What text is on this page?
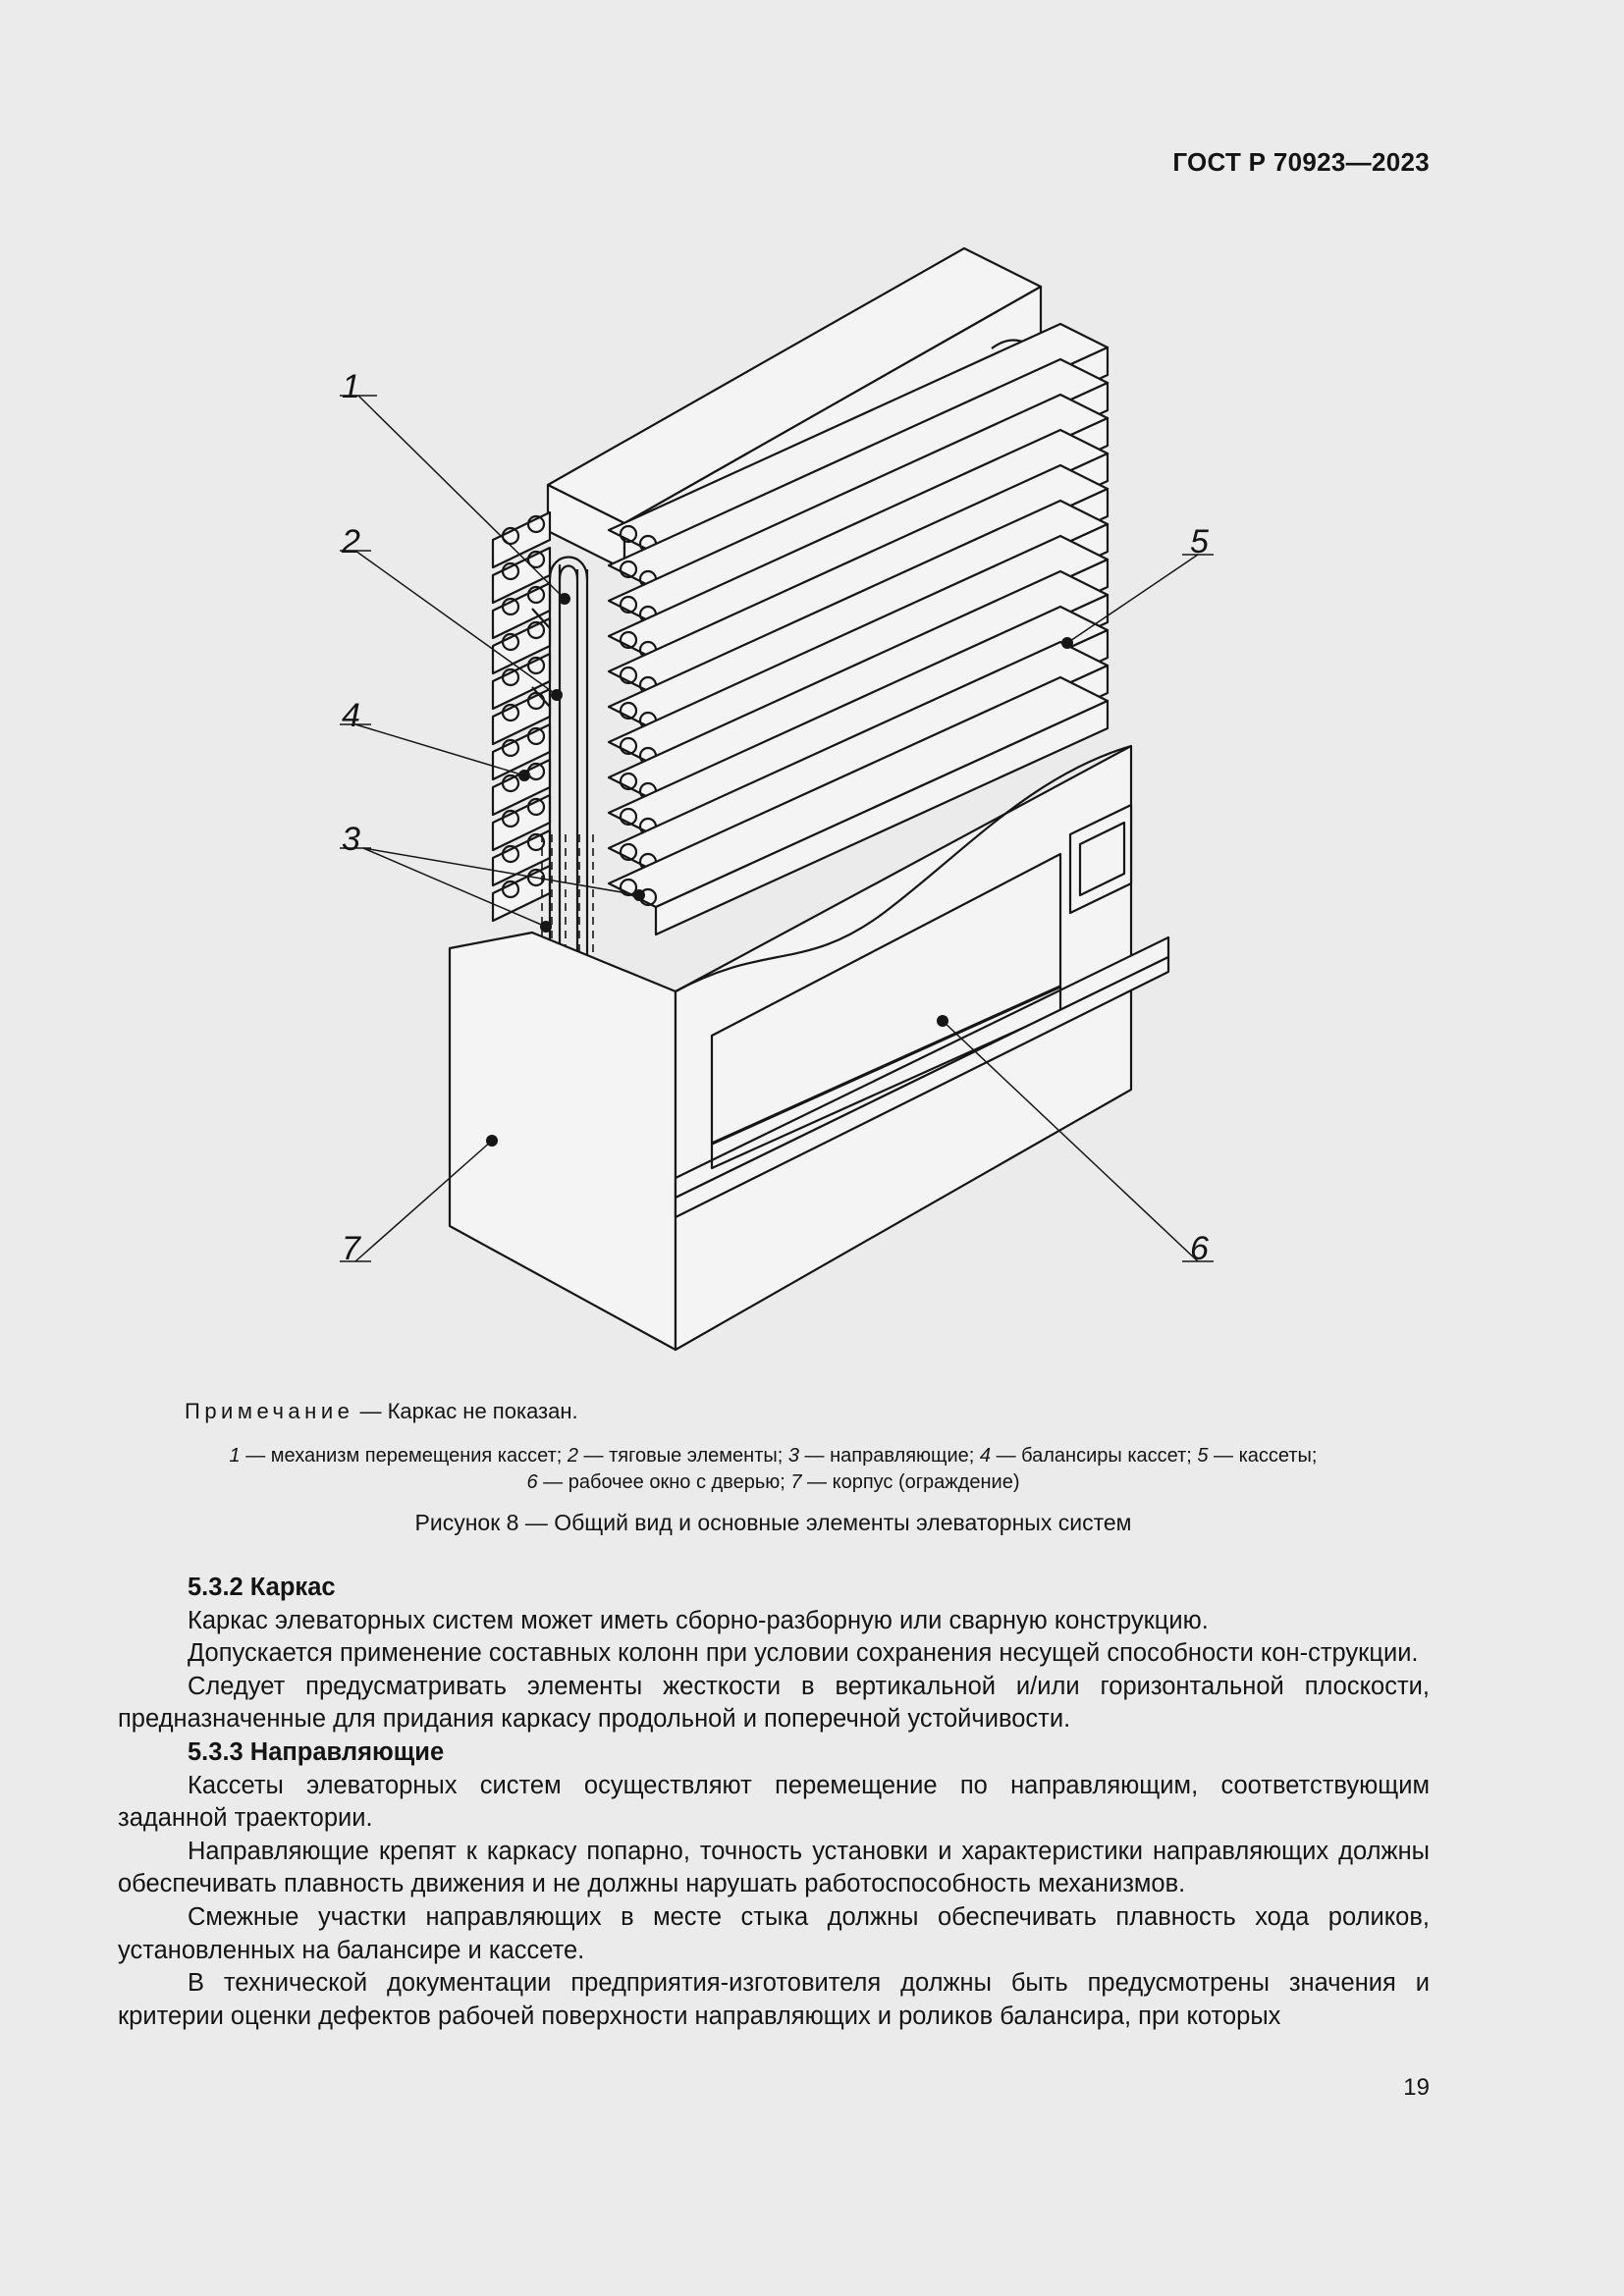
ГОСТ Р 70923—2023
1
2
3
4
5
6
7
Примечание — Каркас не показан.
1 — механизм перемещения кассет; 2 — тяговые элементы; 3 — направляющие; 4 — балансиры кассет; 5 — кассеты;
6 — рабочее окно с дверью; 7 — корпус (ограждение)
Рисунок 8 — Общий вид и основные элементы элеваторных систем

5.3.2 Каркас

Каркас элеваторных систем может иметь сборно-разборную или сварную конструкцию.

Допускается применение составных колонн при условии сохранения несущей способности кон-струкции.

Следует предусматривать элементы жесткости в вертикальной и/или горизонтальной плоскости, предназначенные для придания каркасу продольной и поперечной устойчивости.

5.3.3 Направляющие

Кассеты элеваторных систем осуществляют перемещение по направляющим, соответствующим заданной траектории.

Направляющие крепят к каркасу попарно, точность установки и характеристики направляющих должны обеспечивать плавность движения и не должны нарушать работоспособность механизмов.

Смежные участки направляющих в месте стыка должны обеспечивать плавность хода роликов, установленных на балансире и кассете.

В технической документации предприятия-изготовителя должны быть предусмотрены значения и критерии оценки дефектов рабочей поверхности направляющих и роликов балансира, при которых

19
